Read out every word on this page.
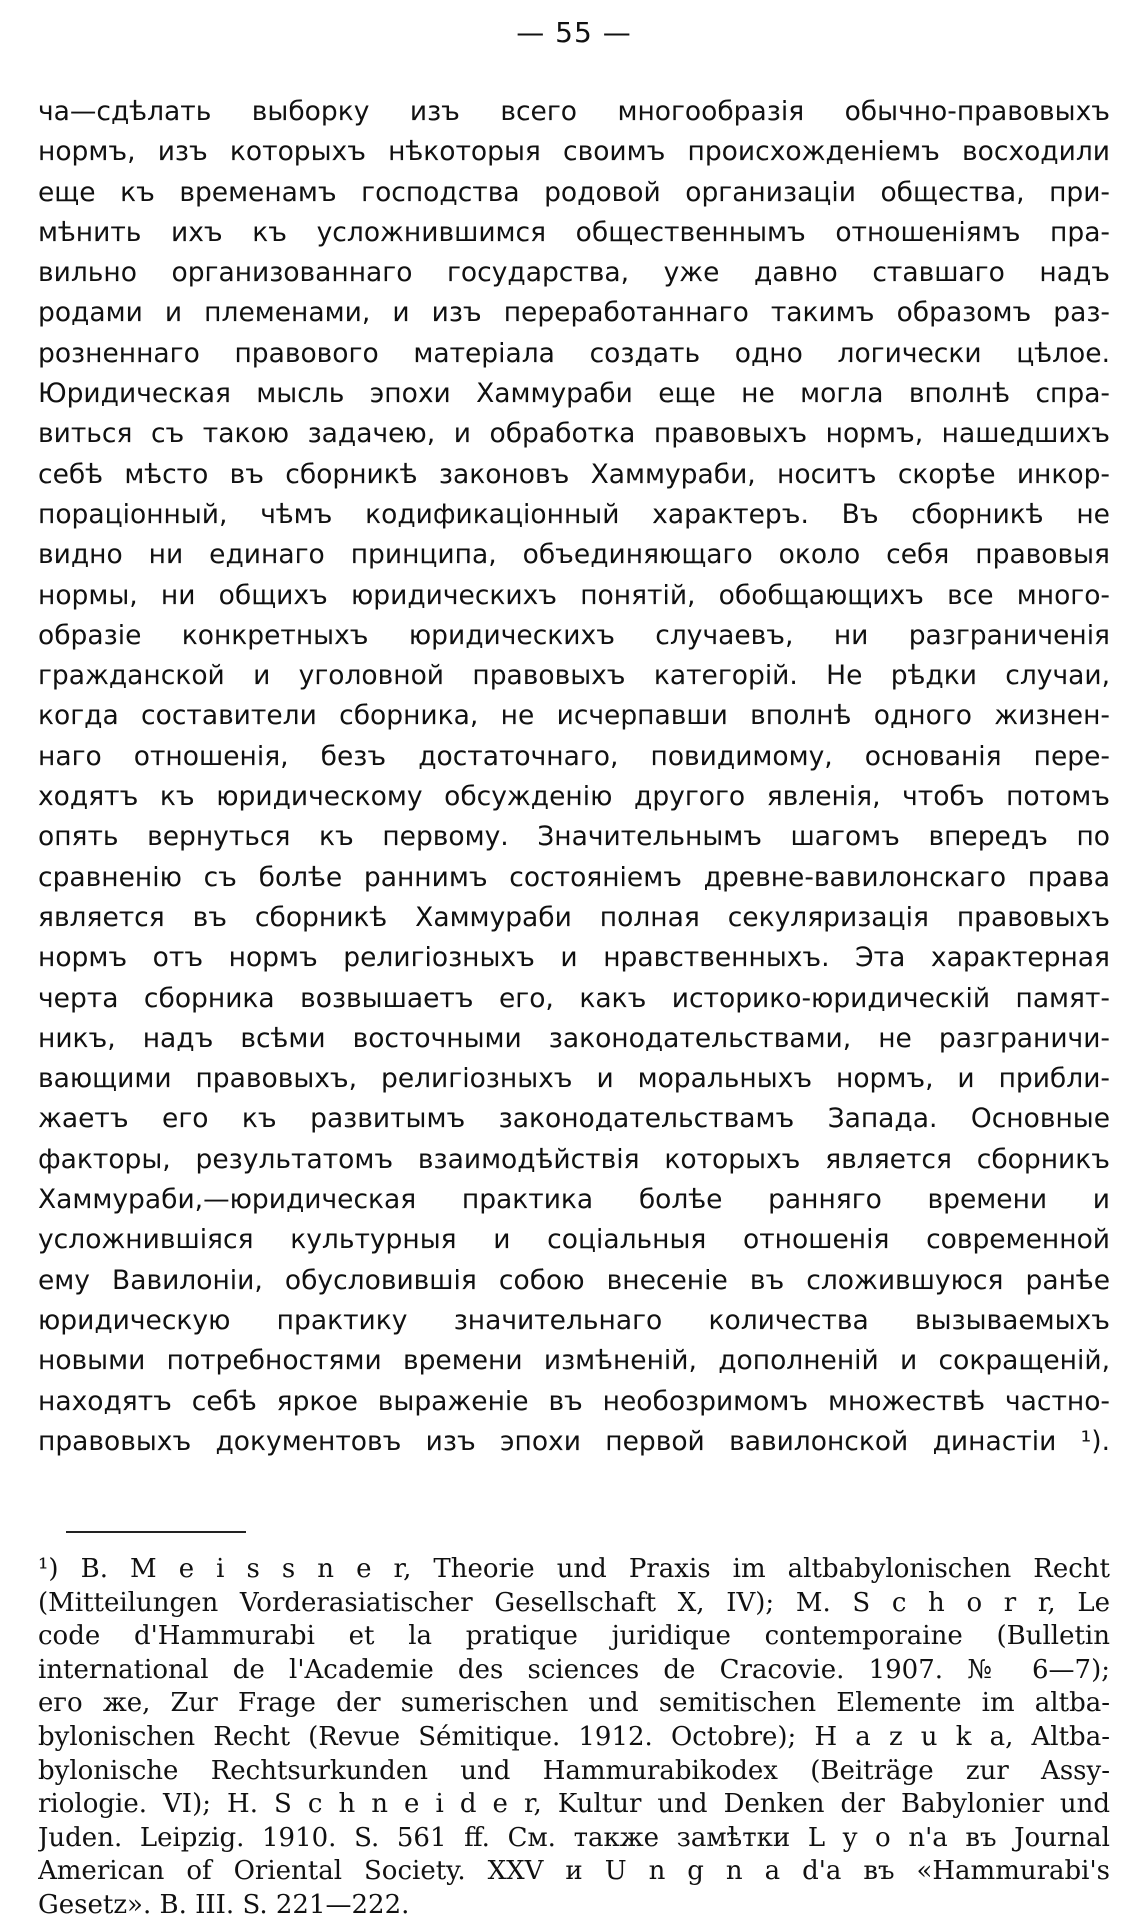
— 55 —
ча—сдѣлать выборку изъ всего многообразія обычно-правовыхъ
нормъ, изъ которыхъ нѣкоторыя своимъ происхожденіемъ восходили
еще къ временамъ господства родовой организаціи общества, при-
мѣнить ихъ къ усложнившимся общественнымъ отношеніямъ пра-
вильно организованнаго государства, уже давно ставшаго надъ
родами и племенами, и изъ переработаннаго такимъ образомъ раз-
розненнаго правового матеріала создать одно логически цѣлое.
Юридическая мысль эпохи Хаммураби еще не могла вполнѣ спра-
виться съ такою задачею, и обработка правовыхъ нормъ, нашедшихъ
себѣ мѣсто въ сборникѣ законовъ Хаммураби, носитъ скорѣе инкор-
пораціонный, чѣмъ кодификаціонный характеръ. Въ сборникѣ не
видно ни единаго принципа, объединяющаго около себя правовыя
нормы, ни общихъ юридическихъ понятій, обобщающихъ все много-
образіе конкретныхъ юридическихъ случаевъ, ни разграниченія
гражданской и уголовной правовыхъ категорій. Не рѣдки случаи,
когда составители сборника, не исчерпавши вполнѣ одного жизнен-
наго отношенія, безъ достаточнаго, повидимому, основанія пере-
ходятъ къ юридическому обсужденію другого явленія, чтобъ потомъ
опять вернуться къ первому. Значительнымъ шагомъ впередъ по
сравненію съ болѣе раннимъ состояніемъ древне-вавилонскаго права
является въ сборникѣ Хаммураби полная секуляризація правовыхъ
нормъ отъ нормъ религіозныхъ и нравственныхъ. Эта характерная
черта сборника возвышаетъ его, какъ историко-юридическій памят-
никъ, надъ всѣми восточными законодательствами, не разграничи-
вающими правовыхъ, религіозныхъ и моральныхъ нормъ, и прибли-
жаетъ его къ развитымъ законодательствамъ Запада. Основные
факторы, результатомъ взаимодѣйствія которыхъ является сборникъ
Хаммураби,—юридическая практика болѣе ранняго времени и
усложнившіяся культурныя и соціальныя отношенія современной
ему Вавилоніи, обусловившія собою внесеніе въ сложившуюся ранѣе
юридическую практику значительнаго количества вызываемыхъ
новыми потребностями времени измѣненій, дополненій и сокращеній,
находятъ себѣ яркое выраженіе въ необозримомъ множествѣ частно-
правовыхъ документовъ изъ эпохи первой вавилонской династіи ¹).
¹) B. M e i s s n e r, Theorie und Praxis im altbabylonischen Recht
(Mitteilungen Vorderasiatischer Gesellschaft X, IV); M. S c h o r r, Le
code d'Hammurabi et la pratique juridique contemporaine (Bulletin
international de l'Academie des sciences de Cracovie. 1907. № 6—7);
его же, Zur Frage der sumerischen und semitischen Elemente im altba-
bylonischen Recht (Revue Sémitique. 1912. Octobre); H a z u k a, Altba-
bylonische Rechtsurkunden und Hammurabikodex (Beiträge zur Assy-
riologie. VI); H. S c h n e i d e r, Kultur und Denken der Babylonier und
Juden. Leipzig. 1910. S. 561 ff. См. также замѣтки L y o n'а въ Journal
American of Oriental Society. XXV и U n g n a d'а въ «Hammurabi's
Gesetz». B. III. S. 221—222.
